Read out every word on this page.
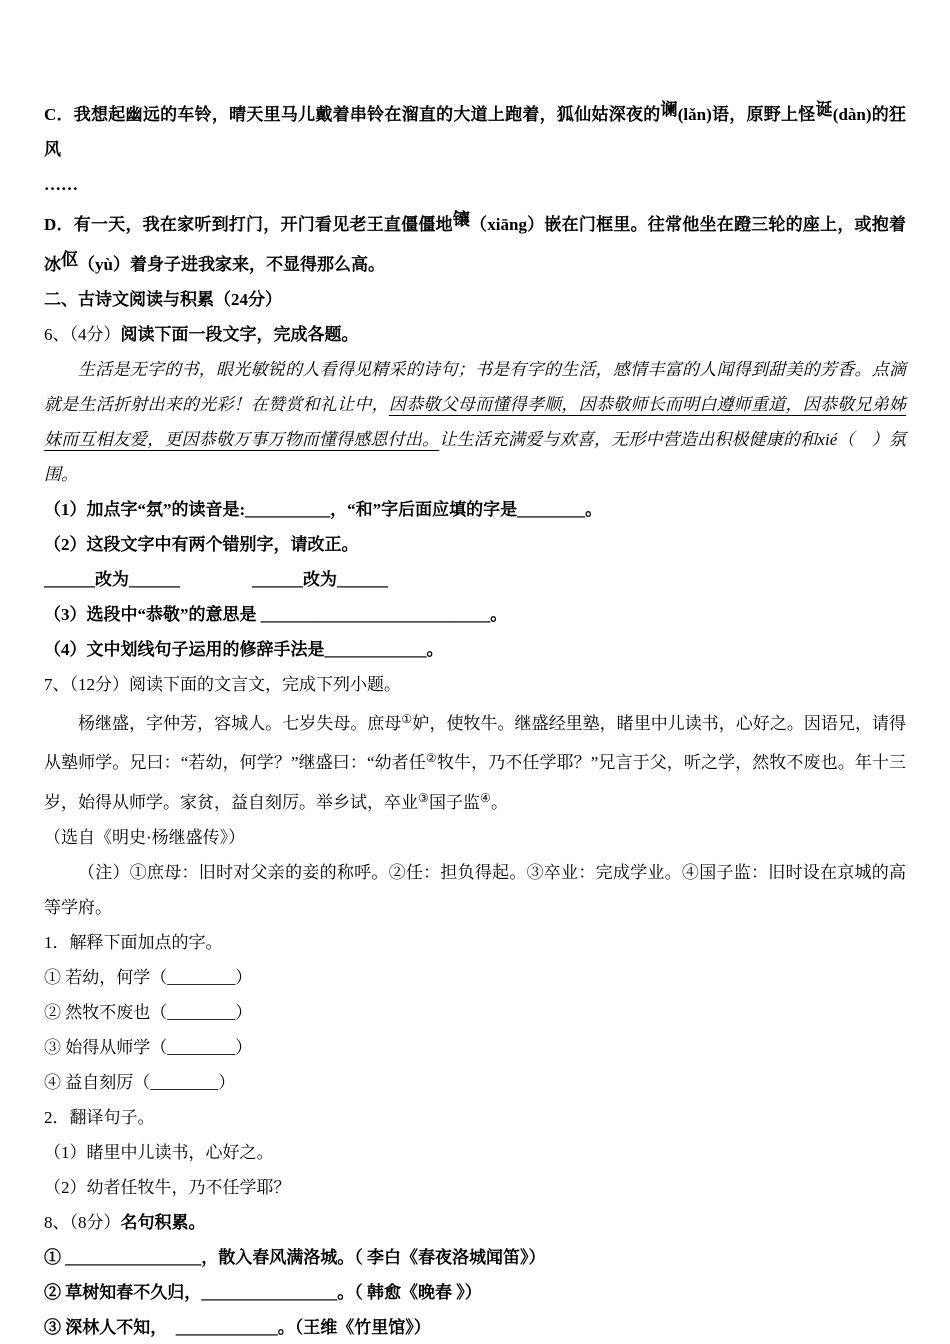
C．我想起幽远的车铃，晴天里马儿戴着串铃在溜直的大道上跑着，狐仙姑深夜的谰(lǎn)语，原野上怪诞(dàn)的狂风

……

D．有一天，我在家听到打门，开门看见老王直僵僵地镶（xiāng）嵌在门框里。往常他坐在蹬三轮的座上，或抱着冰伛（yù）着身子进我家来，不显得那么高。

二、古诗文阅读与积累（24分）

6、（4分）阅读下面一段文字，完成各题。

生活是无字的书，眼光敏锐的人看得见精采的诗句；书是有字的生活，感情丰富的人闻得到甜美的芳香。点滴就是生活折射出来的光彩！在赞赏和礼让中，因恭敬父母而懂得孝顺，因恭敬师长而明白遵师重道，因恭敬兄弟姊妹而互相友爱，更因恭敬万事万物而懂得感恩付出。让生活充满爱与欢喜，无形中营造出积极健康的和xié（　）氛围。

（1）加点字“氛”的读音是:__________，“和”字后面应填的字是________。

（2）这段文字中有两个错别字，请改正。

______改为______	______改为______

（3）选段中“恭敬”的意思是 ___________________________。

（4）文中划线句子运用的修辞手法是____________。

7、（12分）阅读下面的文言文，完成下列小题。

杨继盛，字仲芳，容城人。七岁失母。庶母①妒，使牧牛。继盛经里塾，睹里中儿读书，心好之。因语兄，请得从塾师学。兄曰：“若幼，何学？”继盛曰：“幼者任②牧牛，乃不任学耶？”兄言于父，听之学，然牧不废也。年十三岁，始得从师学。家贫，益自刻厉。举乡试，卒业③国子监④。

（选自《明史·杨继盛传》）

（注）①庶母：旧时对父亲的妾的称呼。②任：担负得起。③卒业：完成学业。④国子监：旧时设在京城的高等学府。

1．解释下面加点的字。

① 若幼，何学（________）

② 然牧不废也（________）

③ 始得从师学（________）

④ 益自刻厉（________）

2．翻译句子。

（1）睹里中儿读书，心好之。

（2）幼者任牧牛，乃不任学耶？

8、（8分）名句积累。

① ________________，散入春风满洛城。（ 李白《春夜洛城闻笛》）

② 草树知春不久归，________________。（ 韩愈《晚春 》）

③ 深林人不知，　____________。（王维《竹里馆》）
